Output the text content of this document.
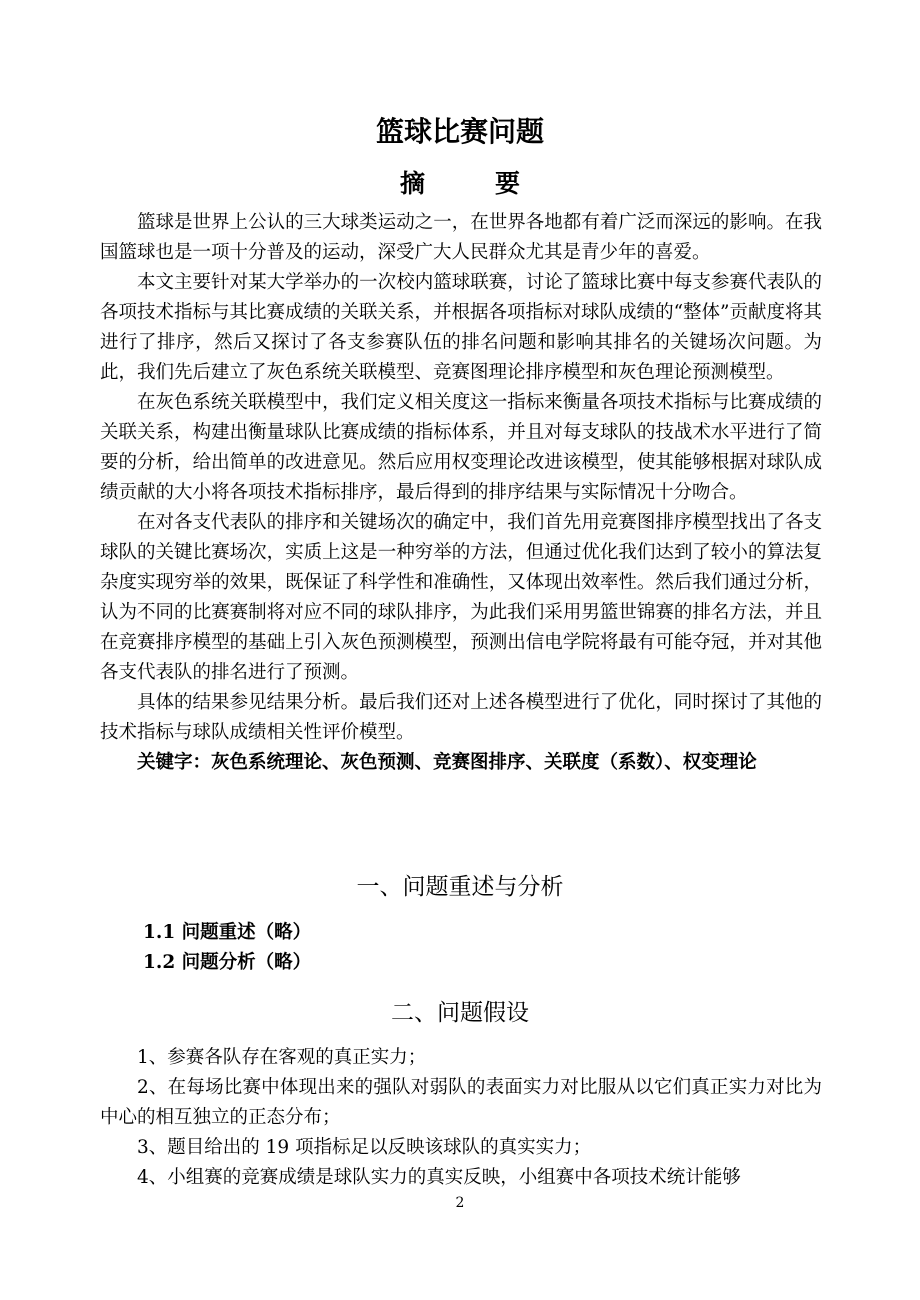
篮球比赛问题
摘	要

篮球是世界上公认的三大球类运动之一，在世界各地都有着广泛而深远的影响。在我国篮球也是一项十分普及的运动，深受广大人民群众尤其是青少年的喜爱。

本文主要针对某大学举办的一次校内篮球联赛，讨论了篮球比赛中每支参赛代表队的各项技术指标与其比赛成绩的关联关系，并根据各项指标对球队成绩的“整体”贡献度将其进行了排序，然后又探讨了各支参赛队伍的排名问题和影响其排名的关键场次问题。为此，我们先后建立了灰色系统关联模型、竞赛图理论排序模型和灰色理论预测模型。

在灰色系统关联模型中，我们定义相关度这一指标来衡量各项技术指标与比赛成绩的关联关系，构建出衡量球队比赛成绩的指标体系，并且对每支球队的技战术水平进行了简要的分析，给出简单的改进意见。然后应用权变理论改进该模型，使其能够根据对球队成绩贡献的大小将各项技术指标排序，最后得到的排序结果与实际情况十分吻合。

在对各支代表队的排序和关键场次的确定中，我们首先用竞赛图排序模型找出了各支球队的关键比赛场次，实质上这是一种穷举的方法，但通过优化我们达到了较小的算法复杂度实现穷举的效果，既保证了科学性和准确性，又体现出效率性。然后我们通过分析，认为不同的比赛赛制将对应不同的球队排序，为此我们采用男篮世锦赛的排名方法，并且在竞赛排序模型的基础上引入灰色预测模型，预测出信电学院将最有可能夺冠，并对其他各支代表队的排名进行了预测。

具体的结果参见结果分析。最后我们还对上述各模型进行了优化，同时探讨了其他的技术指标与球队成绩相关性评价模型。

关键字：灰色系统理论、灰色预测、竞赛图排序、关联度（系数）、权变理论

一、问题重述与分析
1.1 问题重述（略）
1.2 问题分析（略）
二、问题假设

1、参赛各队存在客观的真正实力；

2、在每场比赛中体现出来的强队对弱队的表面实力对比服从以它们真正实力对比为中心的相互独立的正态分布；

3、题目给出的 19 项指标足以反映该球队的真实实力；

4、小组赛的竞赛成绩是球队实力的真实反映，小组赛中各项技术统计能够

2
